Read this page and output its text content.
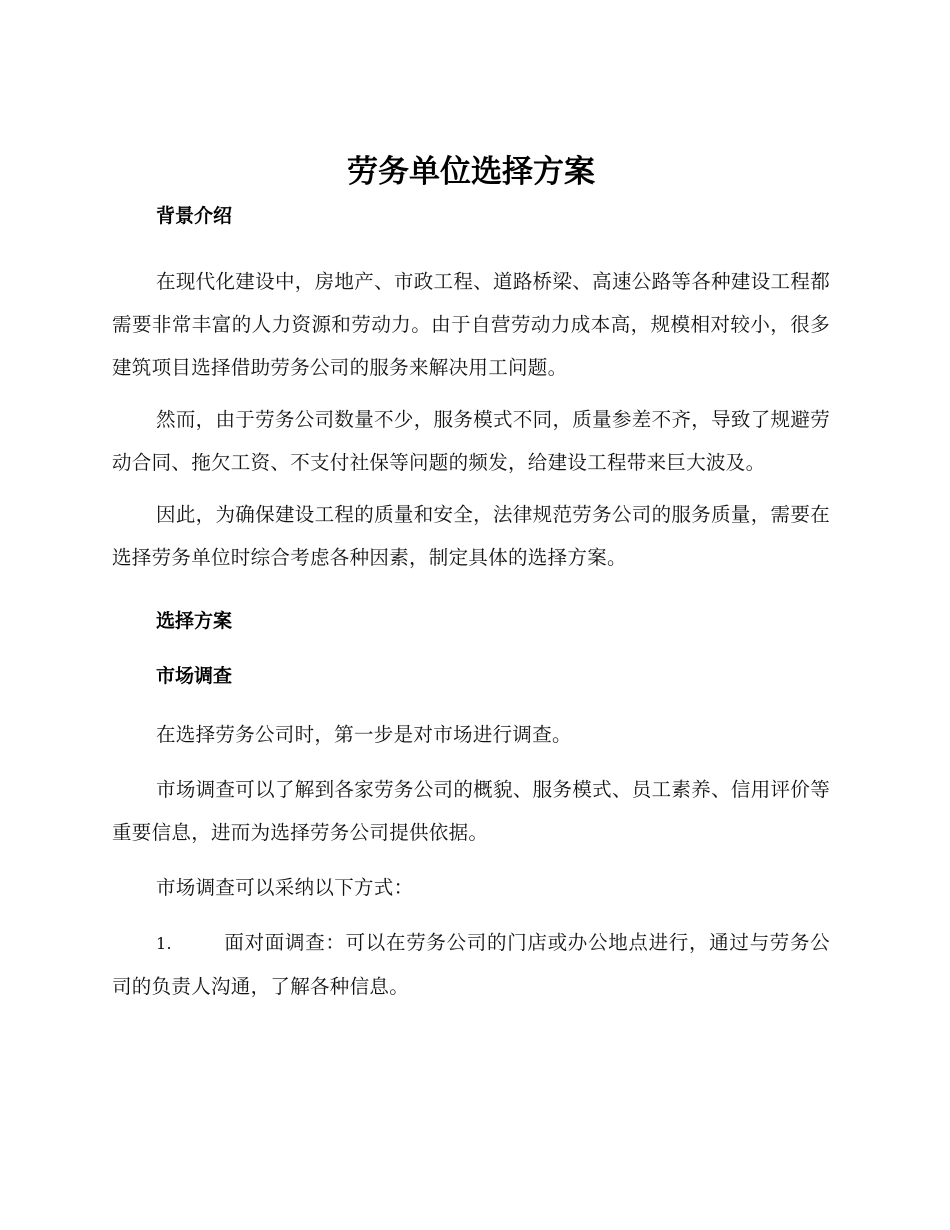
劳务单位选择方案

背景介绍

在现代化建设中，房地产、市政工程、道路桥梁、高速公路等各种建设工程都需要非常丰富的人力资源和劳动力。由于自营劳动力成本高，规模相对较小，很多建筑项目选择借助劳务公司的服务来解决用工问题。

然而，由于劳务公司数量不少，服务模式不同，质量参差不齐，导致了规避劳动合同、拖欠工资、不支付社保等问题的频发，给建设工程带来巨大波及。

因此，为确保建设工程的质量和安全，法律规范劳务公司的服务质量，需要在选择劳务单位时综合考虑各种因素，制定具体的选择方案。

选择方案

市场调查

在选择劳务公司时，第一步是对市场进行调查。

市场调查可以了解到各家劳务公司的概貌、服务模式、员工素养、信用评价等重要信息，进而为选择劳务公司提供依据。

市场调查可以采纳以下方式：

1.	面对面调查：可以在劳务公司的门店或办公地点进行，通过与劳务公司的负责人沟通，了解各种信息。
